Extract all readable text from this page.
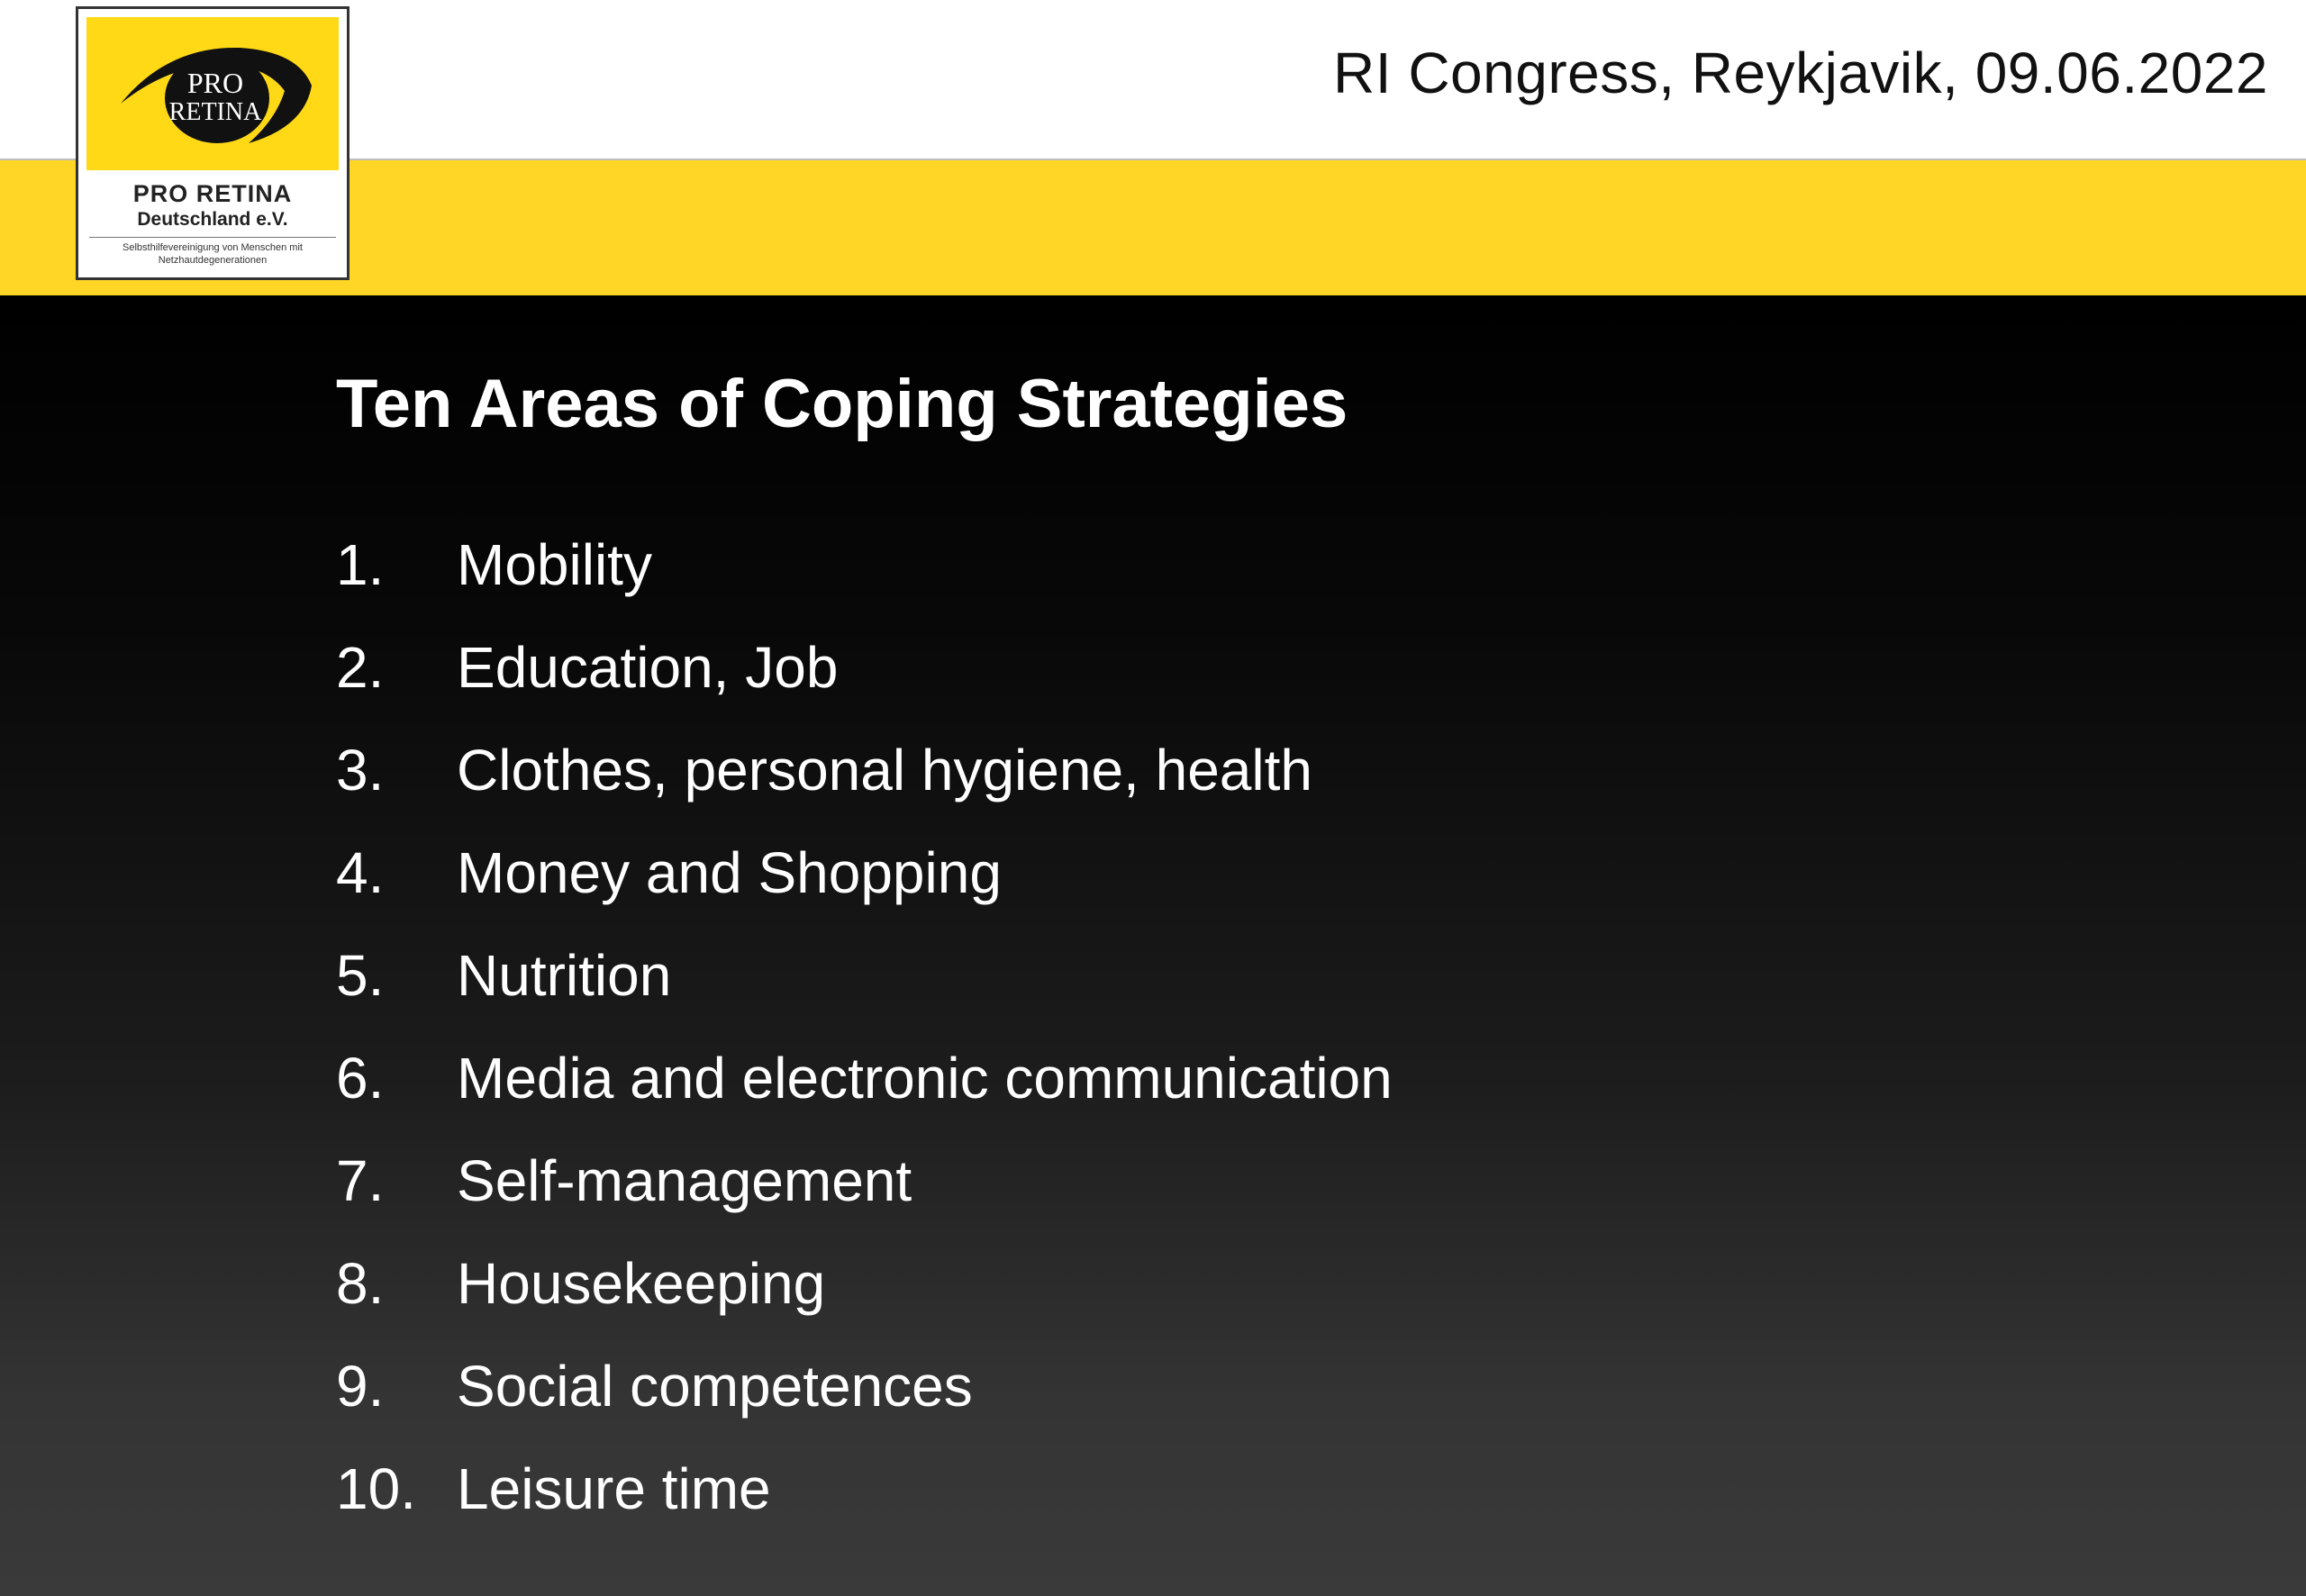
RI Congress, Reykjavik, 09.06.2022
PRO
RETINA
PRO RETINA
Deutschland e.V.
Selbsthilfevereinigung von Menschen mit
Netzhautdegenerationen
Ten Areas of Coping Strategies
1. Mobility
2. Education, Job
3. Clothes, personal hygiene, health
4. Money and Shopping
5. Nutrition
6. Media and electronic communication
7. Self-management
8. Housekeeping
9. Social competences
10. Leisure time
